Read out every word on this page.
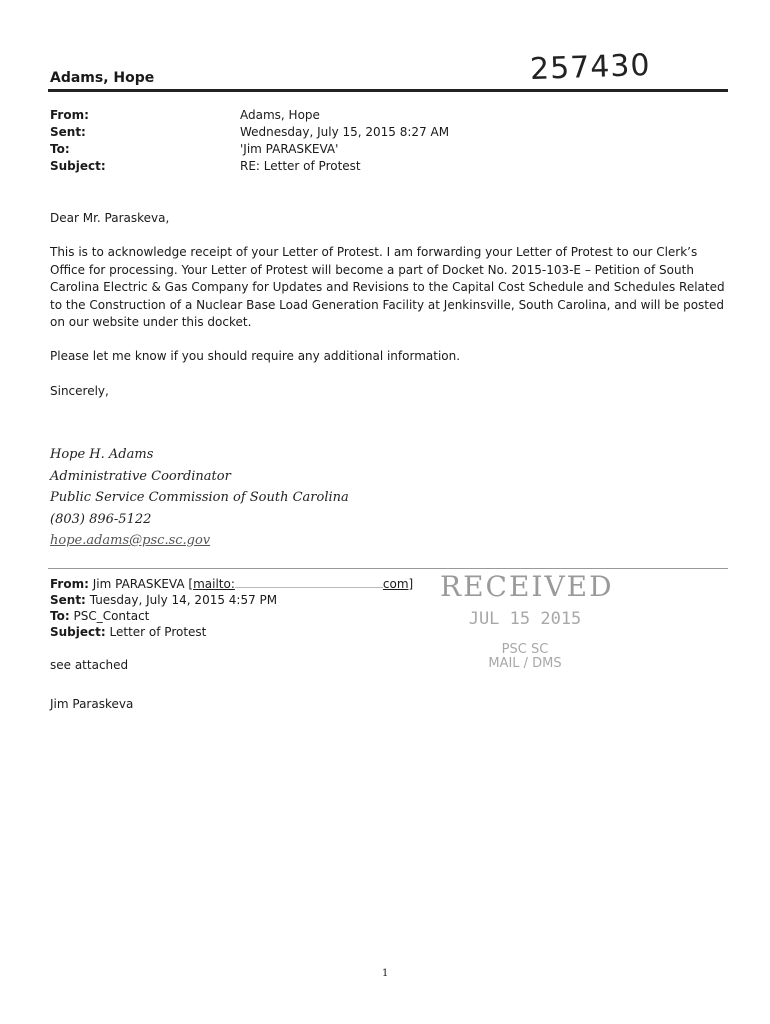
257430
Adams, Hope
From:	Adams, Hope
Sent:	Wednesday, July 15, 2015 8:27 AM
To:	'Jim PARASKEVA'
Subject:	RE: Letter of Protest
Dear Mr. Paraskeva,
This is to acknowledge receipt of your Letter of Protest. I am forwarding your Letter of Protest to our Clerk’s Office for processing. Your Letter of Protest will become a part of Docket No. 2015-103-E – Petition of South Carolina Electric & Gas Company for Updates and Revisions to the Capital Cost Schedule and Schedules Related to the Construction of a Nuclear Base Load Generation Facility at Jenkinsville, South Carolina, and will be posted on our website under this docket.
Please let me know if you should require any additional information.
Sincerely,
Hope H. Adams
Administrative Coordinator
Public Service Commission of South Carolina
(803) 896-5122
hope.adams@psc.sc.gov
From: Jim PARASKEVA [mailto:	com]
Sent: Tuesday, July 14, 2015 4:57 PM
To: PSC_Contact
Subject: Letter of Protest
see attached
Jim Paraskeva
RECEIVED
JUL 15 2015
PSC SC
MAIL / DMS
1
